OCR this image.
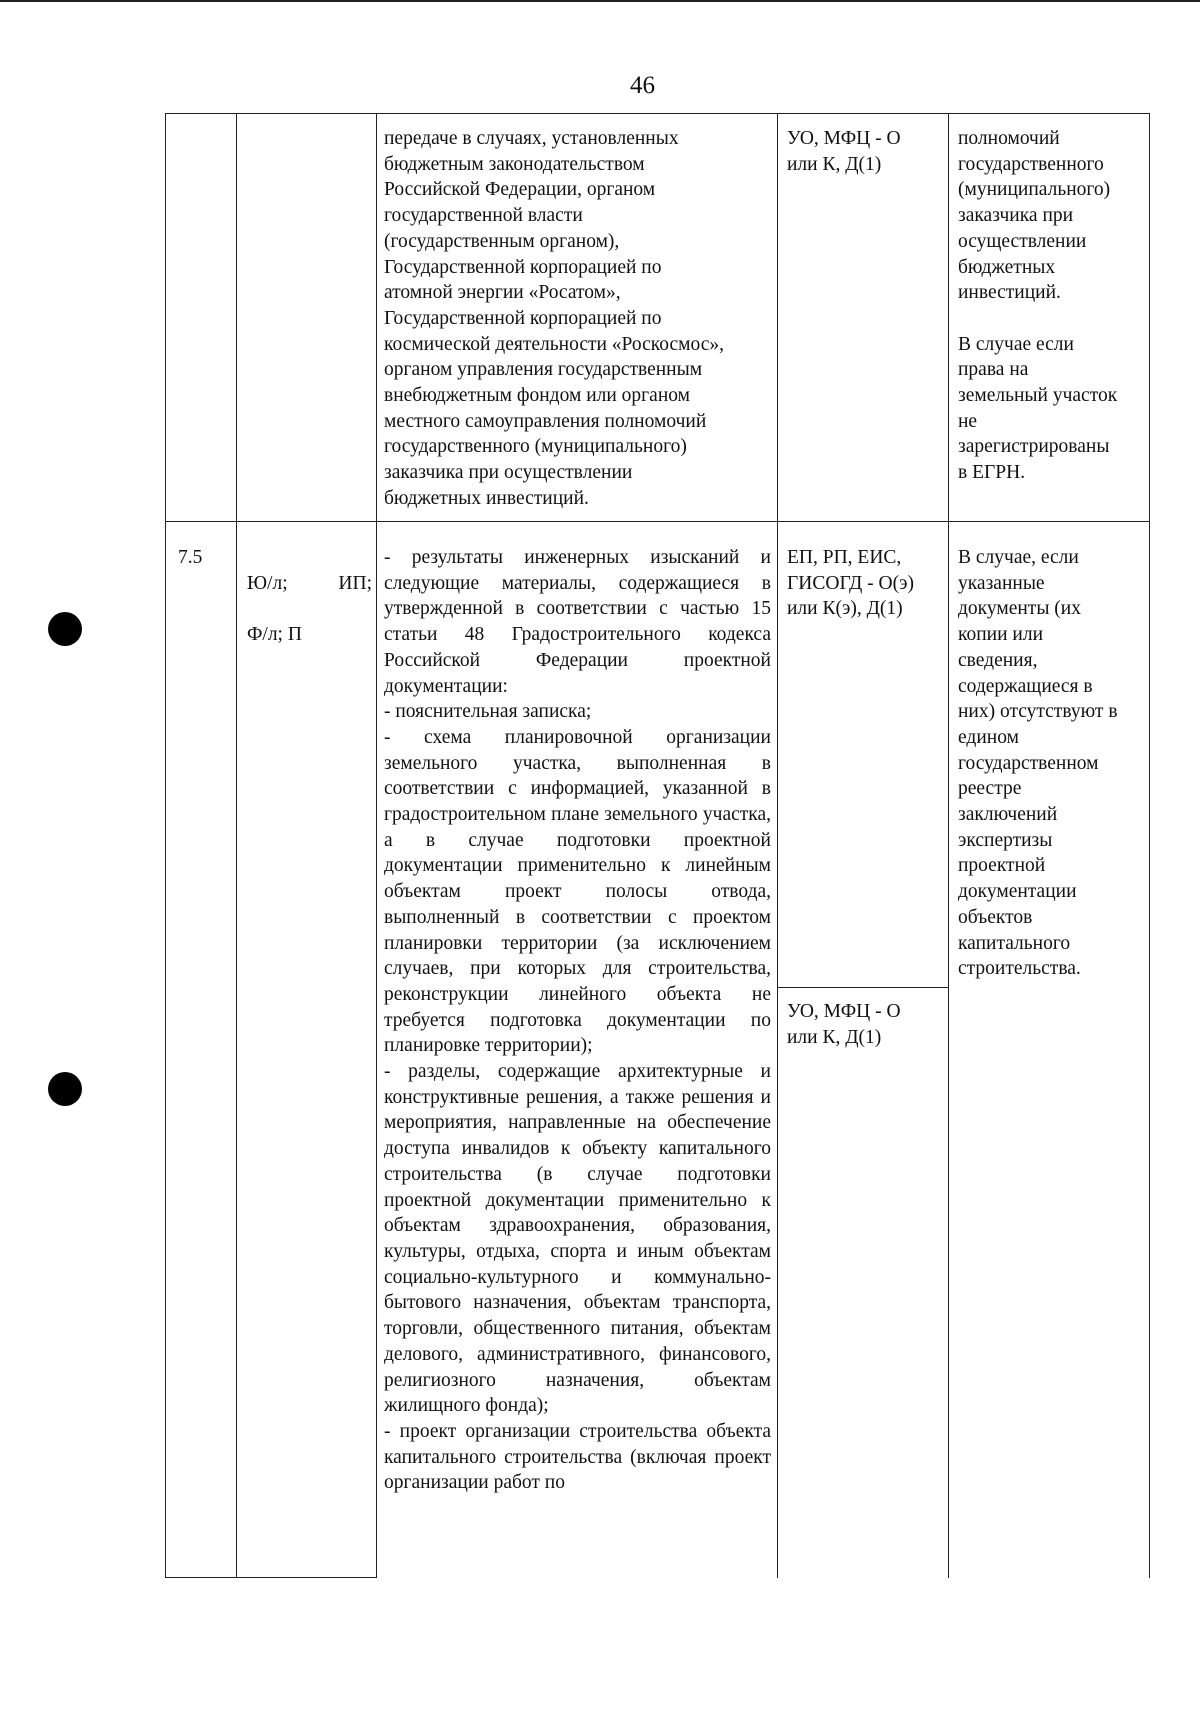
46
передаче в случаях, установленных
бюджетным законодательством
Российской Федерации, органом
государственной власти
(государственным органом),
Государственной корпорацией по
атомной энергии «Росатом»,
Государственной корпорацией по
космической деятельности «Роскосмос»,
органом управления государственным
внебюджетным фондом или органом
местного самоуправления полномочий
государственного (муниципального)
заказчика при осуществлении
бюджетных инвестиций.
УО, МФЦ - О
или К, Д(1)
полномочий
государственного
(муниципального)
заказчика при
осуществлении
бюджетных
инвестиций.

В случае если
права на
земельный участок
не
зарегистрированы
в ЕГРН.
7.5

Ю/л;	ИП;

Ф/л; П

- результаты инженерных изысканий и следующие материалы, содержащиеся в утвержденной в соответствии с частью 15 статьи 48 Градостроительного кодекса Российской Федерации проектной документации:
- пояснительная записка;
- схема планировочной организации земельного участка, выполненная в соответствии с информацией, указанной в градостроительном плане земельного участка, а в случае подготовки проектной документации применительно к линейным объектам проект полосы отвода, выполненный в соответствии с проектом планировки территории (за исключением случаев, при которых для строительства, реконструкции линейного объекта не требуется подготовка документации по планировке территории);
- разделы, содержащие архитектурные и конструктивные решения, а также решения и мероприятия, направленные на обеспечение доступа инвалидов к объекту капитального строительства (в случае подготовки проектной документации применительно к объектам здравоохранения, образования, культуры, отдыха, спорта и иным объектам социально-культурного и коммунально-бытового назначения, объектам транспорта, торговли, общественного питания, объектам делового, административного, финансового, религиозного назначения, объектам жилищного фонда);
- проект организации строительства объекта капитального строительства (включая проект организации работ по
ЕП, РП, ЕИС,
ГИСОГД - О(э)
или К(э), Д(1)
УО, МФЦ - О
или К, Д(1)
В случае, если
указанные
документы (их
копии или
сведения,
содержащиеся в
них) отсутствуют в
едином
государственном
реестре
заключений
экспертизы
проектной
документации
объектов
капитального
строительства.
